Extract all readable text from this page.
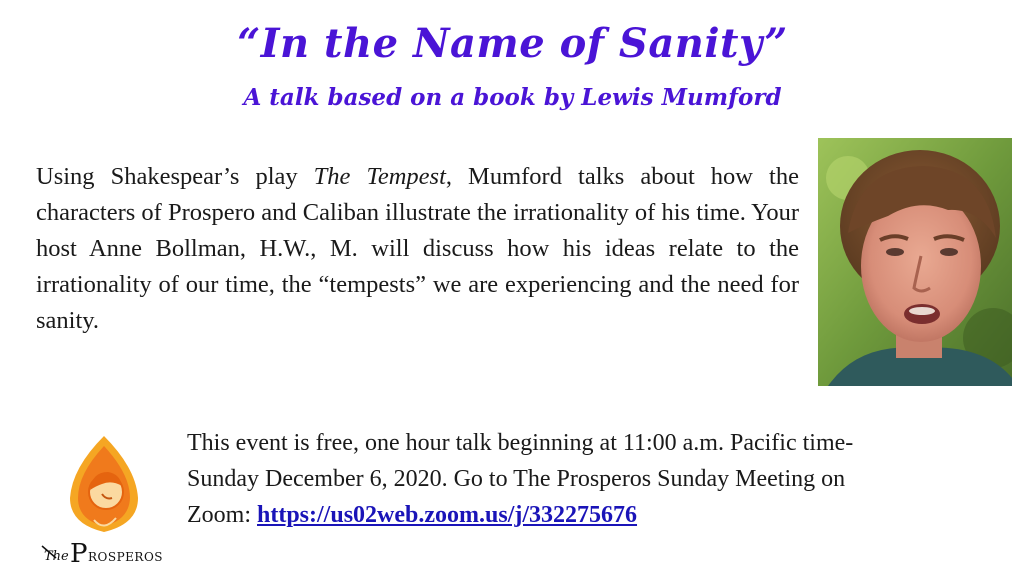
“In the Name of Sanity”
A talk based on a book by Lewis Mumford
Using Shakespear’s play The Tempest, Mumford talks about how the characters of Prospero and Caliban illustrate the irrationality of his time. Your host Anne Bollman, H.W., M. will discuss how his ideas relate to the irrationality of our time, the “tempests” we are experiencing and the need for sanity.
The P ROSPEROS
This event is free, one hour talk beginning at 11:00 a.m. Pacific time-
Sunday December 6, 2020. Go to The Prosperos Sunday Meeting on
Zoom: https://us02web.zoom.us/j/332275676
